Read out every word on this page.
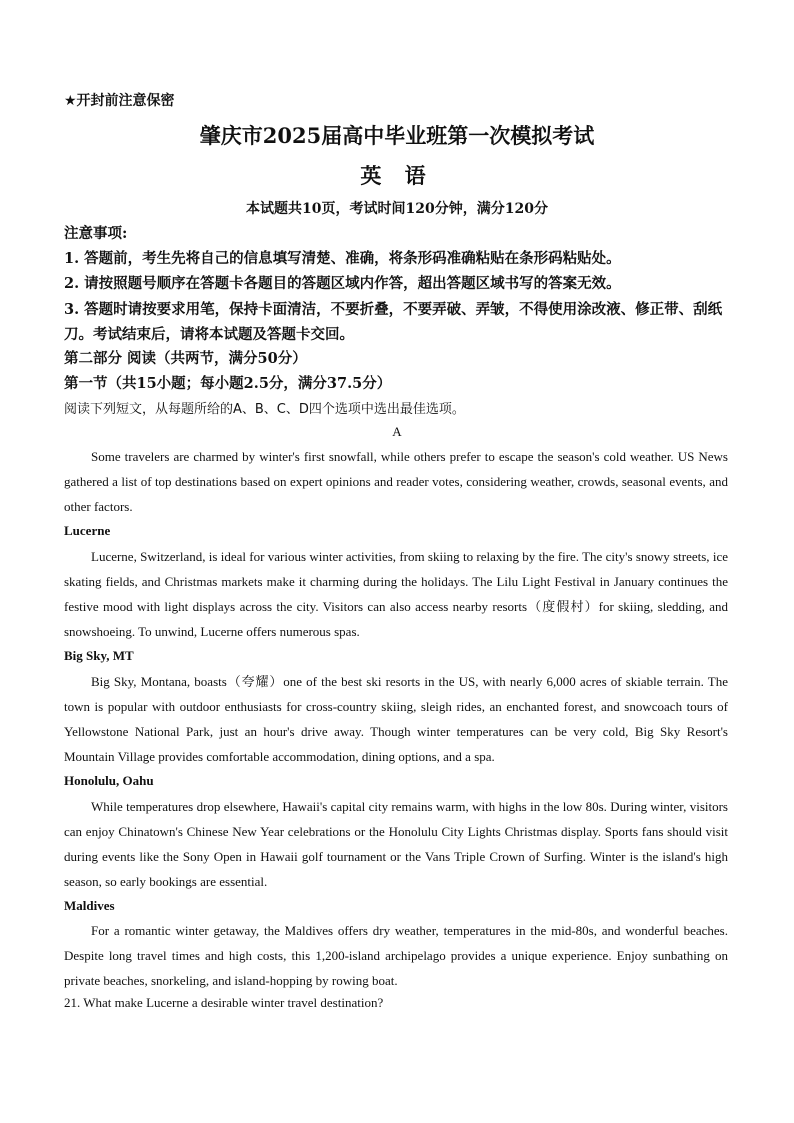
★开封前注意保密
肇庆市2025届高中毕业班第一次模拟考试
英 语
本试题共10页，考试时间120分钟，满分120分
注意事项:
1. 答题前，考生先将自己的信息填写清楚、准确，将条形码准确粘贴在条形码粘贴处。
2. 请按照题号顺序在答题卡各题目的答题区域内作答，超出答题区域书写的答案无效。
3. 答题时请按要求用笔，保持卡面清洁，不要折叠，不要弄破、弄皱，不得使用涂改液、修正带、刮纸刀。考试结束后，请将本试题及答题卡交回。
第二部分 阅读（共两节，满分50分）
第一节（共15小题；每小题2.5分，满分37.5分）
阅读下列短文，从每题所给的A、B、C、D四个选项中选出最佳选项。
A
Some travelers are charmed by winter's first snowfall, while others prefer to escape the season's cold weather. US News gathered a list of top destinations based on expert opinions and reader votes, considering weather, crowds, seasonal events, and other factors.
Lucerne
Lucerne, Switzerland, is ideal for various winter activities, from skiing to relaxing by the fire. The city's snowy streets, ice skating fields, and Christmas markets make it charming during the holidays. The Lilu Light Festival in January continues the festive mood with light displays across the city. Visitors can also access nearby resorts（度假村）for skiing, sledding, and snowshoeing. To unwind, Lucerne offers numerous spas.
Big Sky, MT
Big Sky, Montana, boasts（夸耀）one of the best ski resorts in the US, with nearly 6,000 acres of skiable terrain. The town is popular with outdoor enthusiasts for cross-country skiing, sleigh rides, an enchanted forest, and snowcoach tours of Yellowstone National Park, just an hour's drive away. Though winter temperatures can be very cold, Big Sky Resort's Mountain Village provides comfortable accommodation, dining options, and a spa.
Honolulu, Oahu
While temperatures drop elsewhere, Hawaii's capital city remains warm, with highs in the low 80s. During winter, visitors can enjoy Chinatown's Chinese New Year celebrations or the Honolulu City Lights Christmas display. Sports fans should visit during events like the Sony Open in Hawaii golf tournament or the Vans Triple Crown of Surfing. Winter is the island's high season, so early bookings are essential.
Maldives
For a romantic winter getaway, the Maldives offers dry weather, temperatures in the mid-80s, and wonderful beaches. Despite long travel times and high costs, this 1,200-island archipelago provides a unique experience. Enjoy sunbathing on private beaches, snorkeling, and island-hopping by rowing boat.
21. What make Lucerne a desirable winter travel destination?
